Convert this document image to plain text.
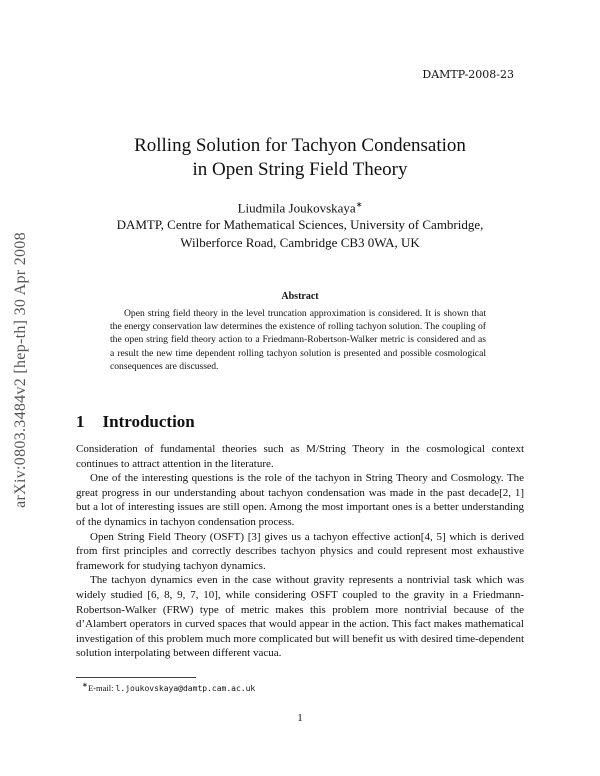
DAMTP-2008-23
arXiv:0803.3484v2 [hep-th] 30 Apr 2008
Rolling Solution for Tachyon Condensation
in Open String Field Theory
Liudmila Joukovskaya∗
DAMTP, Centre for Mathematical Sciences, University of Cambridge,
Wilberforce Road, Cambridge CB3 0WA, UK
Abstract
Open string field theory in the level truncation approximation is considered. It is shown that the energy conservation law determines the existence of rolling tachyon solution. The coupling of the open string field theory action to a Friedmann-Robertson-Walker metric is considered and as a result the new time dependent rolling tachyon solution is presented and possible cosmological consequences are discussed.
1 Introduction

Consideration of fundamental theories such as M/String Theory in the cosmological context continues to attract attention in the literature.

One of the interesting questions is the role of the tachyon in String Theory and Cosmology. The great progress in our understanding about tachyon condensation was made in the past decade[2, 1] but a lot of interesting issues are still open. Among the most important ones is a better understanding of the dynamics in tachyon condensation process.

Open String Field Theory (OSFT) [3] gives us a tachyon effective action[4, 5] which is derived from first principles and correctly describes tachyon physics and could represent most exhaustive framework for studying tachyon dynamics.

The tachyon dynamics even in the case without gravity represents a nontrivial task which was widely studied [6, 8, 9, 7, 10], while considering OSFT coupled to the gravity in a Friedmann-Robertson-Walker (FRW) type of metric makes this problem more nontrivial because of the d’Alambert operators in curved spaces that would appear in the action. This fact makes mathematical investigation of this problem much more complicated but will benefit us with desired time-dependent solution interpolating between different vacua.

∗E-mail: l.joukovskaya@damtp.cam.ac.uk
1
